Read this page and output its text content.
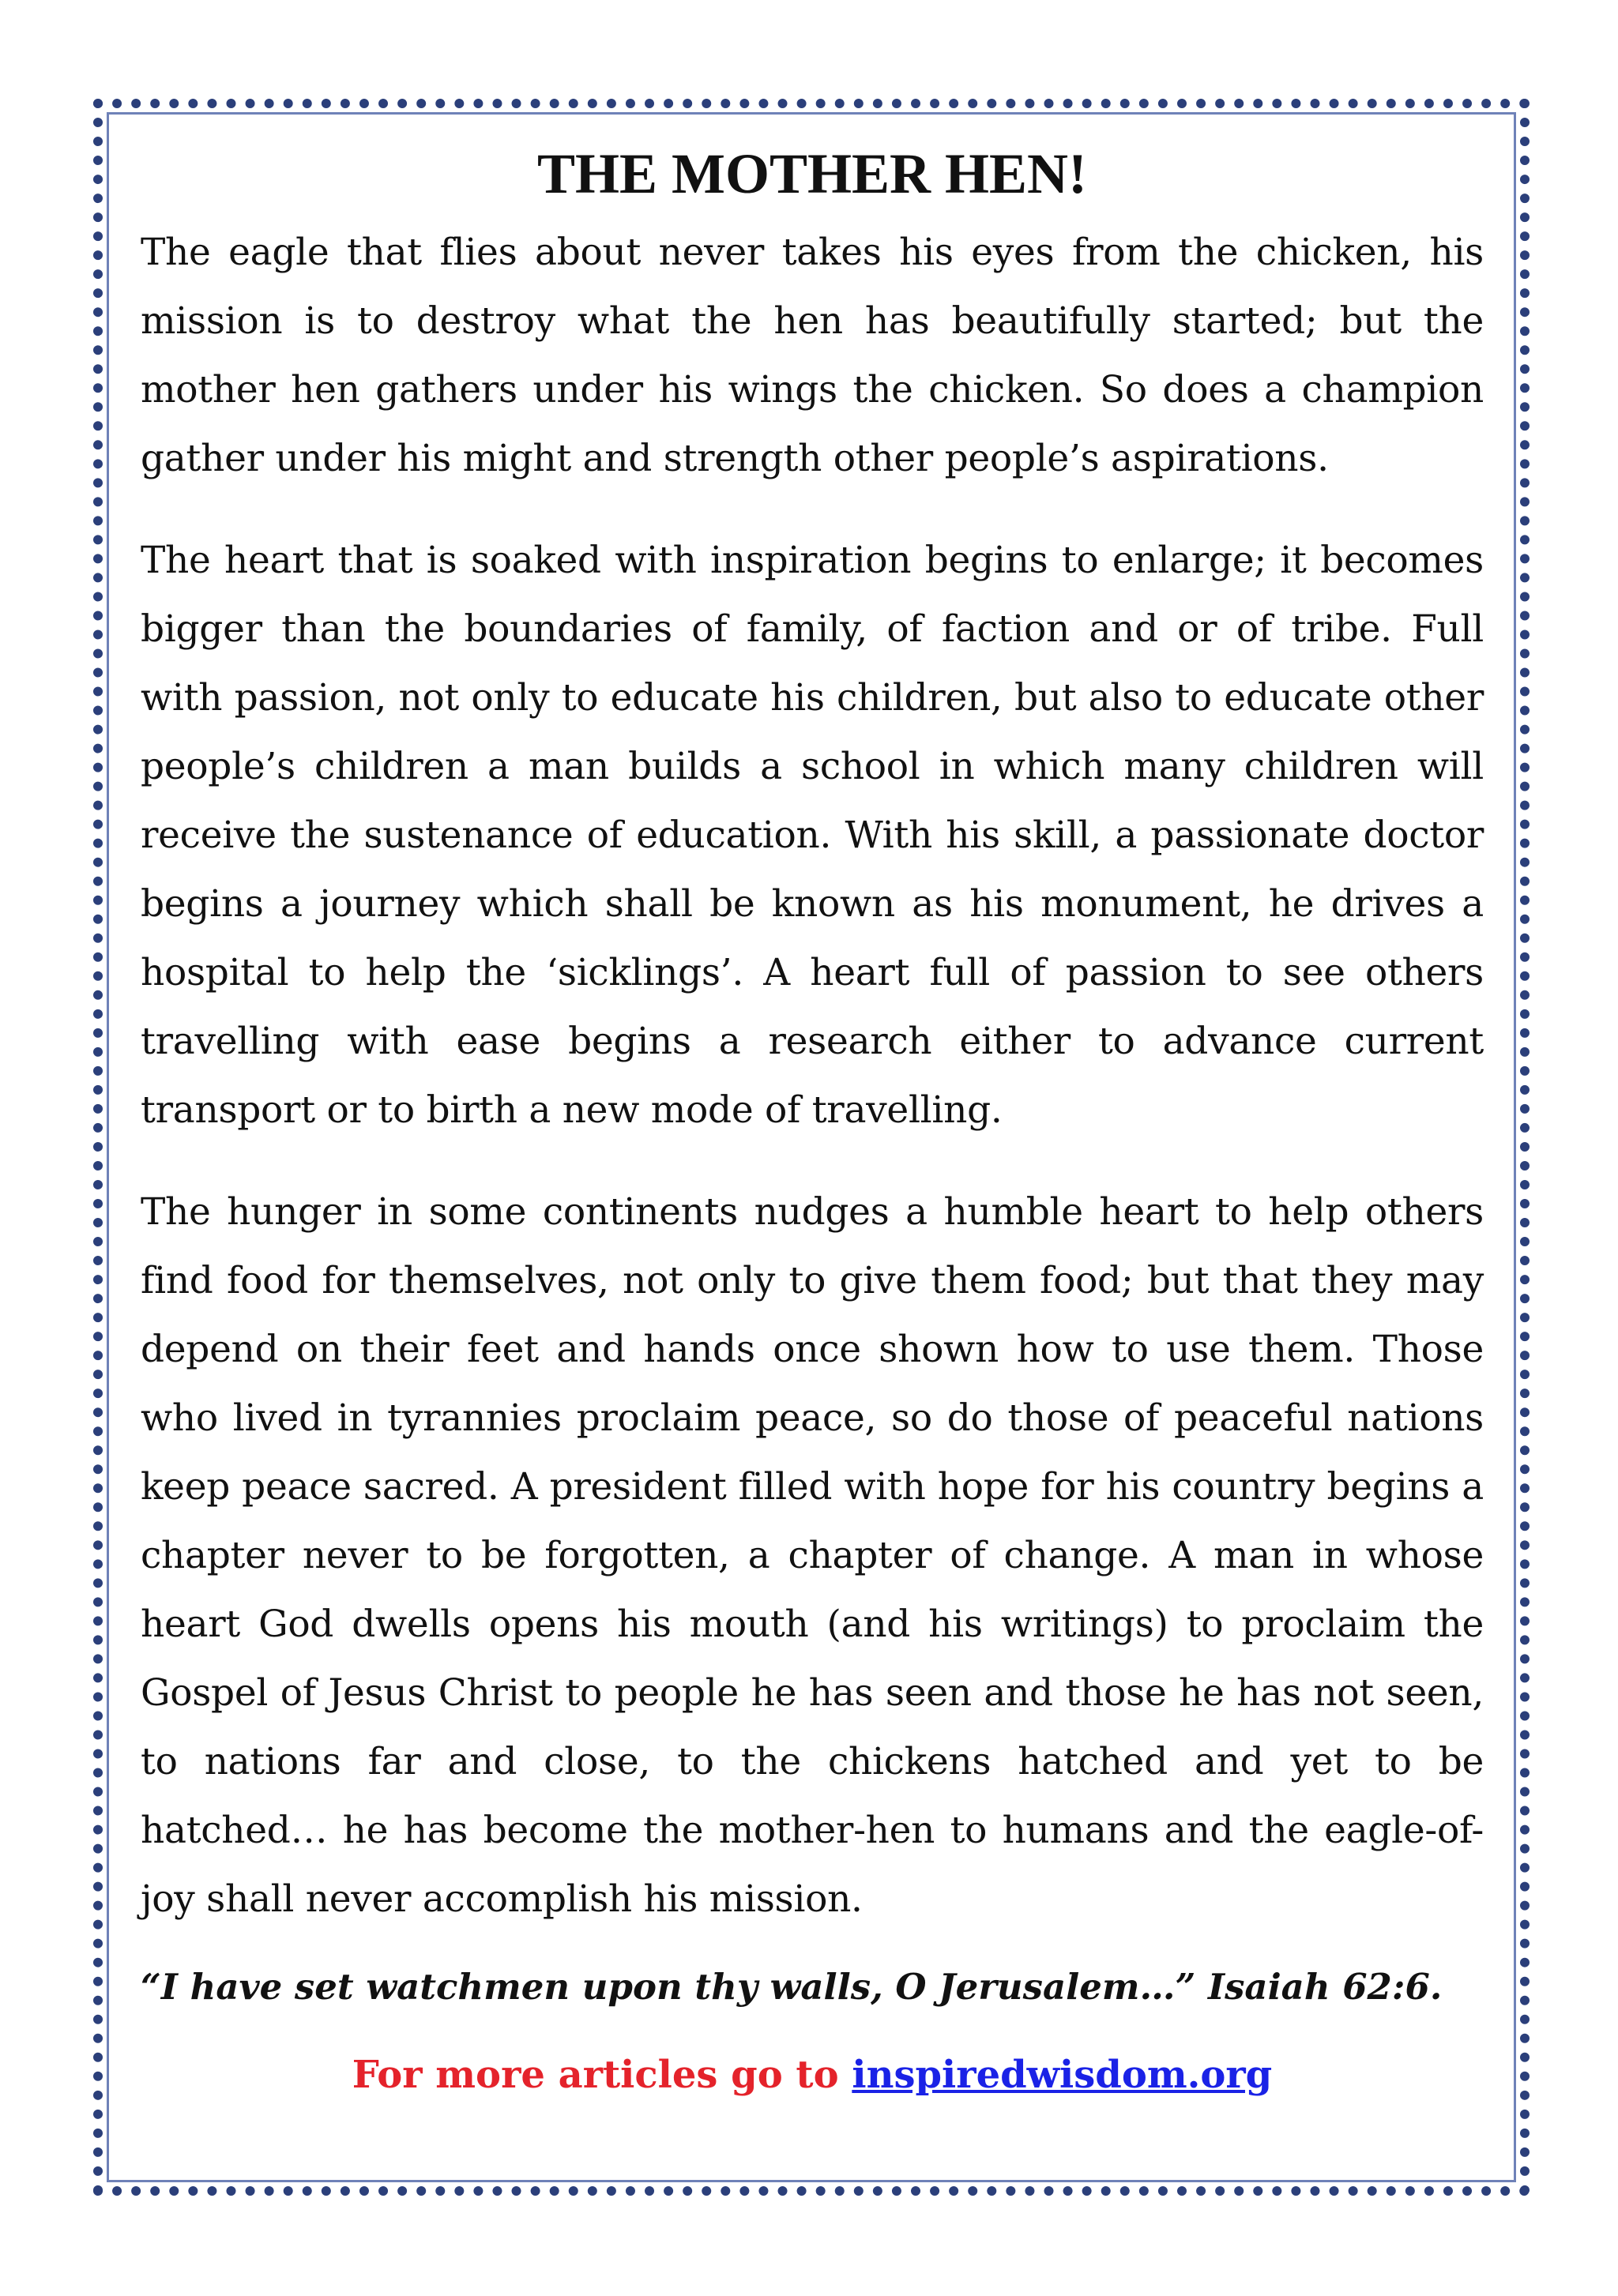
THE MOTHER HEN!

The eagle that flies about never takes his eyes from the chicken, his mission is to destroy what the hen has beautifully started; but the mother hen gathers under his wings the chicken. So does a champion gather under his might and strength other people’s aspirations.

The heart that is soaked with inspiration begins to enlarge; it becomes bigger than the boundaries of family, of faction and or of tribe. Full with passion, not only to educate his children, but also to educate other people’s children a man builds a school in which many children will receive the sustenance of education. With his skill, a passionate doctor begins a journey which shall be known as his monument, he drives a hospital to help the ‘sicklings’. A heart full of passion to see others travelling with ease begins a research either to advance current transport or to birth a new mode of travelling.

The hunger in some continents nudges a humble heart to help others find food for themselves, not only to give them food; but that they may depend on their feet and hands once shown how to use them. Those who lived in tyrannies proclaim peace, so do those of peaceful nations keep peace sacred. A president filled with hope for his country begins a chapter never to be forgotten, a chapter of change. A man in whose heart God dwells opens his mouth (and his writings) to proclaim the Gospel of Jesus Christ to people he has seen and those he has not seen, to nations far and close, to the chickens hatched and yet to be hatched… he has become the mother-hen to humans and the eagle-of-joy shall never accomplish his mission.

“I have set watchmen upon thy walls, O Jerusalem…” Isaiah 62:6.

For more articles go to inspiredwisdom.org
